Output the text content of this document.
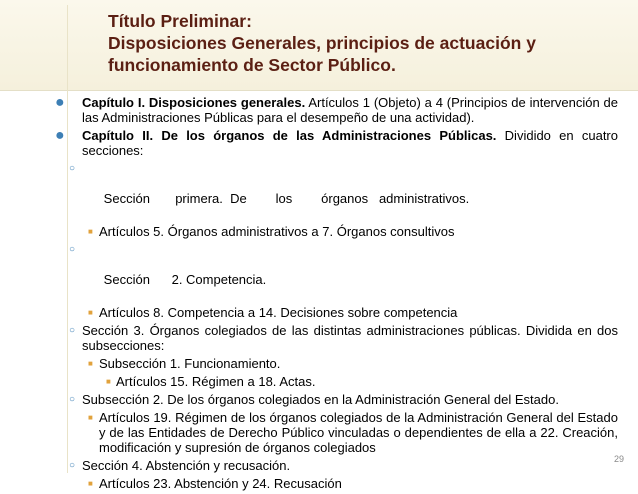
Título Preliminar:
Disposiciones Generales, principios de actuación y
funcionamiento de Sector Público.
● Capítulo I. Disposiciones generales. Artículos 1 (Objeto) a 4 (Principios de intervención de las Administraciones Públicas para el desempeño de una actividad).
● Capítulo II. De los órganos de las Administraciones Públicas. Dividido en cuatro secciones:

○

Sección       primera.  De        los        órganos   administrativos.

■ Artículos 5. Órganos administrativos a 7. Órganos consultivos

○

Sección      2. Competencia.

■ Artículos 8. Competencia a 14. Decisiones sobre competencia
○ Sección 3. Órganos colegiados de las distintas administraciones públicas. Dividida en dos subsecciones:
■ Subsección 1. Funcionamiento.
■ Artículos 15. Régimen a 18. Actas.
○ Subsección 2. De los órganos colegiados en la Administración General del Estado.
■ Artículos 19. Régimen de los órganos colegiados de la Administración General del Estado y de las Entidades de Derecho Público vinculadas o dependientes de ella a 22. Creación, modificación y supresión de órganos colegiados
○ Sección 4. Abstención y recusación.
■ Artículos 23. Abstención y 24. Recusación
29
